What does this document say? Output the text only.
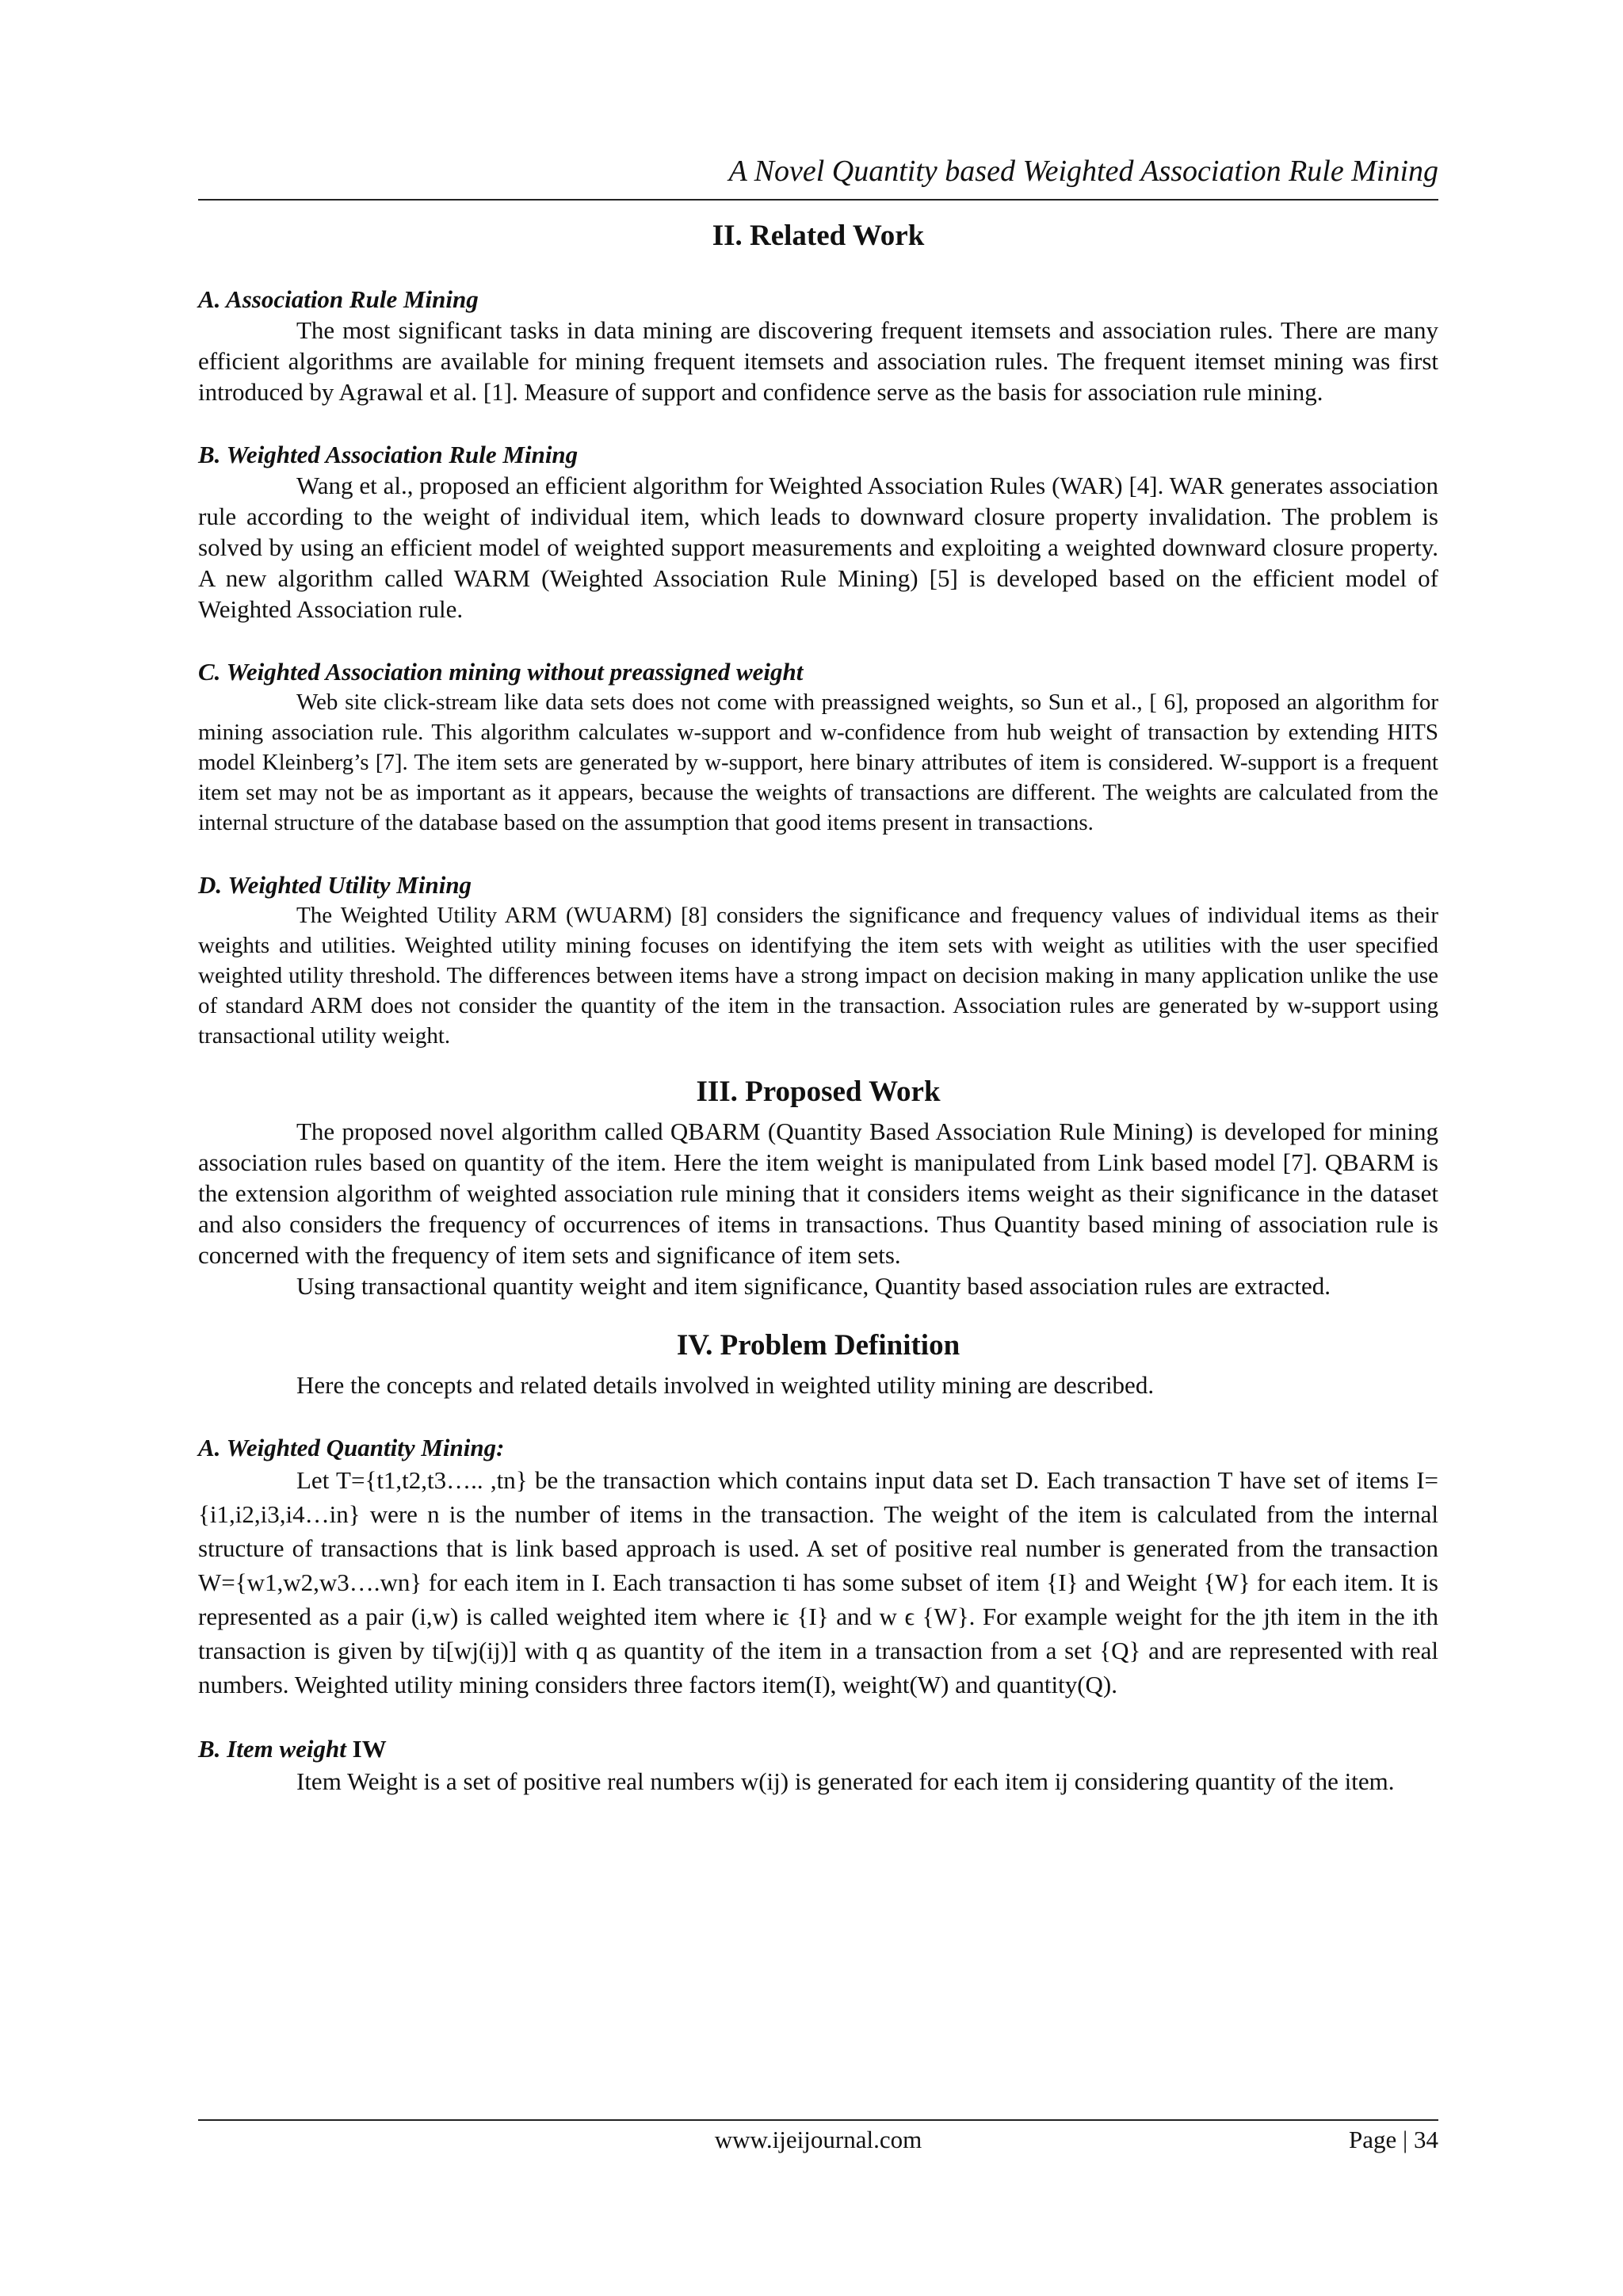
A Novel Quantity based Weighted Association Rule Mining
II. Related Work
A. Association Rule Mining

The most significant tasks in data mining are discovering frequent itemsets and association rules. There are many efficient algorithms are available for mining frequent itemsets and association rules. The frequent itemset mining was first introduced by Agrawal et al. [1]. Measure of support and confidence serve as the basis for association rule mining.

B. Weighted Association Rule Mining

Wang et al., proposed an efficient algorithm for Weighted Association Rules (WAR) [4]. WAR generates association rule according to the weight of individual item, which leads to downward closure property invalidation. The problem is solved by using an efficient model of weighted support measurements and exploiting a weighted downward closure property. A new algorithm called WARM (Weighted Association Rule Mining) [5] is developed based on the efficient model of Weighted Association rule.

C. Weighted Association mining without preassigned weight

Web site click-stream like data sets does not come with preassigned weights, so Sun et al., [ 6], proposed an algorithm for mining association rule. This algorithm calculates w-support and w-confidence from hub weight of transaction by extending HITS model Kleinberg’s [7]. The item sets are generated by w-support, here binary attributes of item is considered. W-support is a frequent item set may not be as important as it appears, because the weights of transactions are different. The weights are calculated from the internal structure of the database based on the assumption that good items present in transactions.

D. Weighted Utility Mining

The Weighted Utility ARM (WUARM) [8] considers the significance and frequency values of individual items as their weights and utilities. Weighted utility mining focuses on identifying the item sets with weight as utilities with the user specified weighted utility threshold. The differences between items have a strong impact on decision making in many application unlike the use of standard ARM does not consider the quantity of the item in the transaction. Association rules are generated by w-support using transactional utility weight.

III. Proposed Work

The proposed novel algorithm called QBARM (Quantity Based Association Rule Mining) is developed for mining association rules based on quantity of the item. Here the item weight is manipulated from Link based model [7]. QBARM is the extension algorithm of weighted association rule mining that it considers items weight as their significance in the dataset and also considers the frequency of occurrences of items in transactions. Thus Quantity based mining of association rule is concerned with the frequency of item sets and significance of item sets.

Using transactional quantity weight and item significance, Quantity based association rules are extracted.

IV. Problem Definition

Here the concepts and related details involved in weighted utility mining are described.

A. Weighted Quantity Mining:

Let T={t1,t2,t3….. ,tn} be the transaction which contains input data set D. Each transaction T have set of items I={i1,i2,i3,i4…in} were n is the number of items in the transaction. The weight of the item is calculated from the internal structure of transactions that is link based approach is used. A set of positive real number is generated from the transaction W={w1,w2,w3….wn} for each item in I. Each transaction ti has some subset of item {I} and Weight {W} for each item. It is represented as a pair (i,w) is called weighted item where iϵ {I} and w ϵ {W}. For example weight for the jth item in the ith transaction is given by ti[wj(ij)] with q as quantity of the item in a transaction from a set {Q} and are represented with real numbers. Weighted utility mining considers three factors item(I), weight(W) and quantity(Q).

B. Item weight IW

Item Weight is a set of positive real numbers w(ij) is generated for each item ij considering quantity of the item.

www.ijeijournal.com	Page | 34
